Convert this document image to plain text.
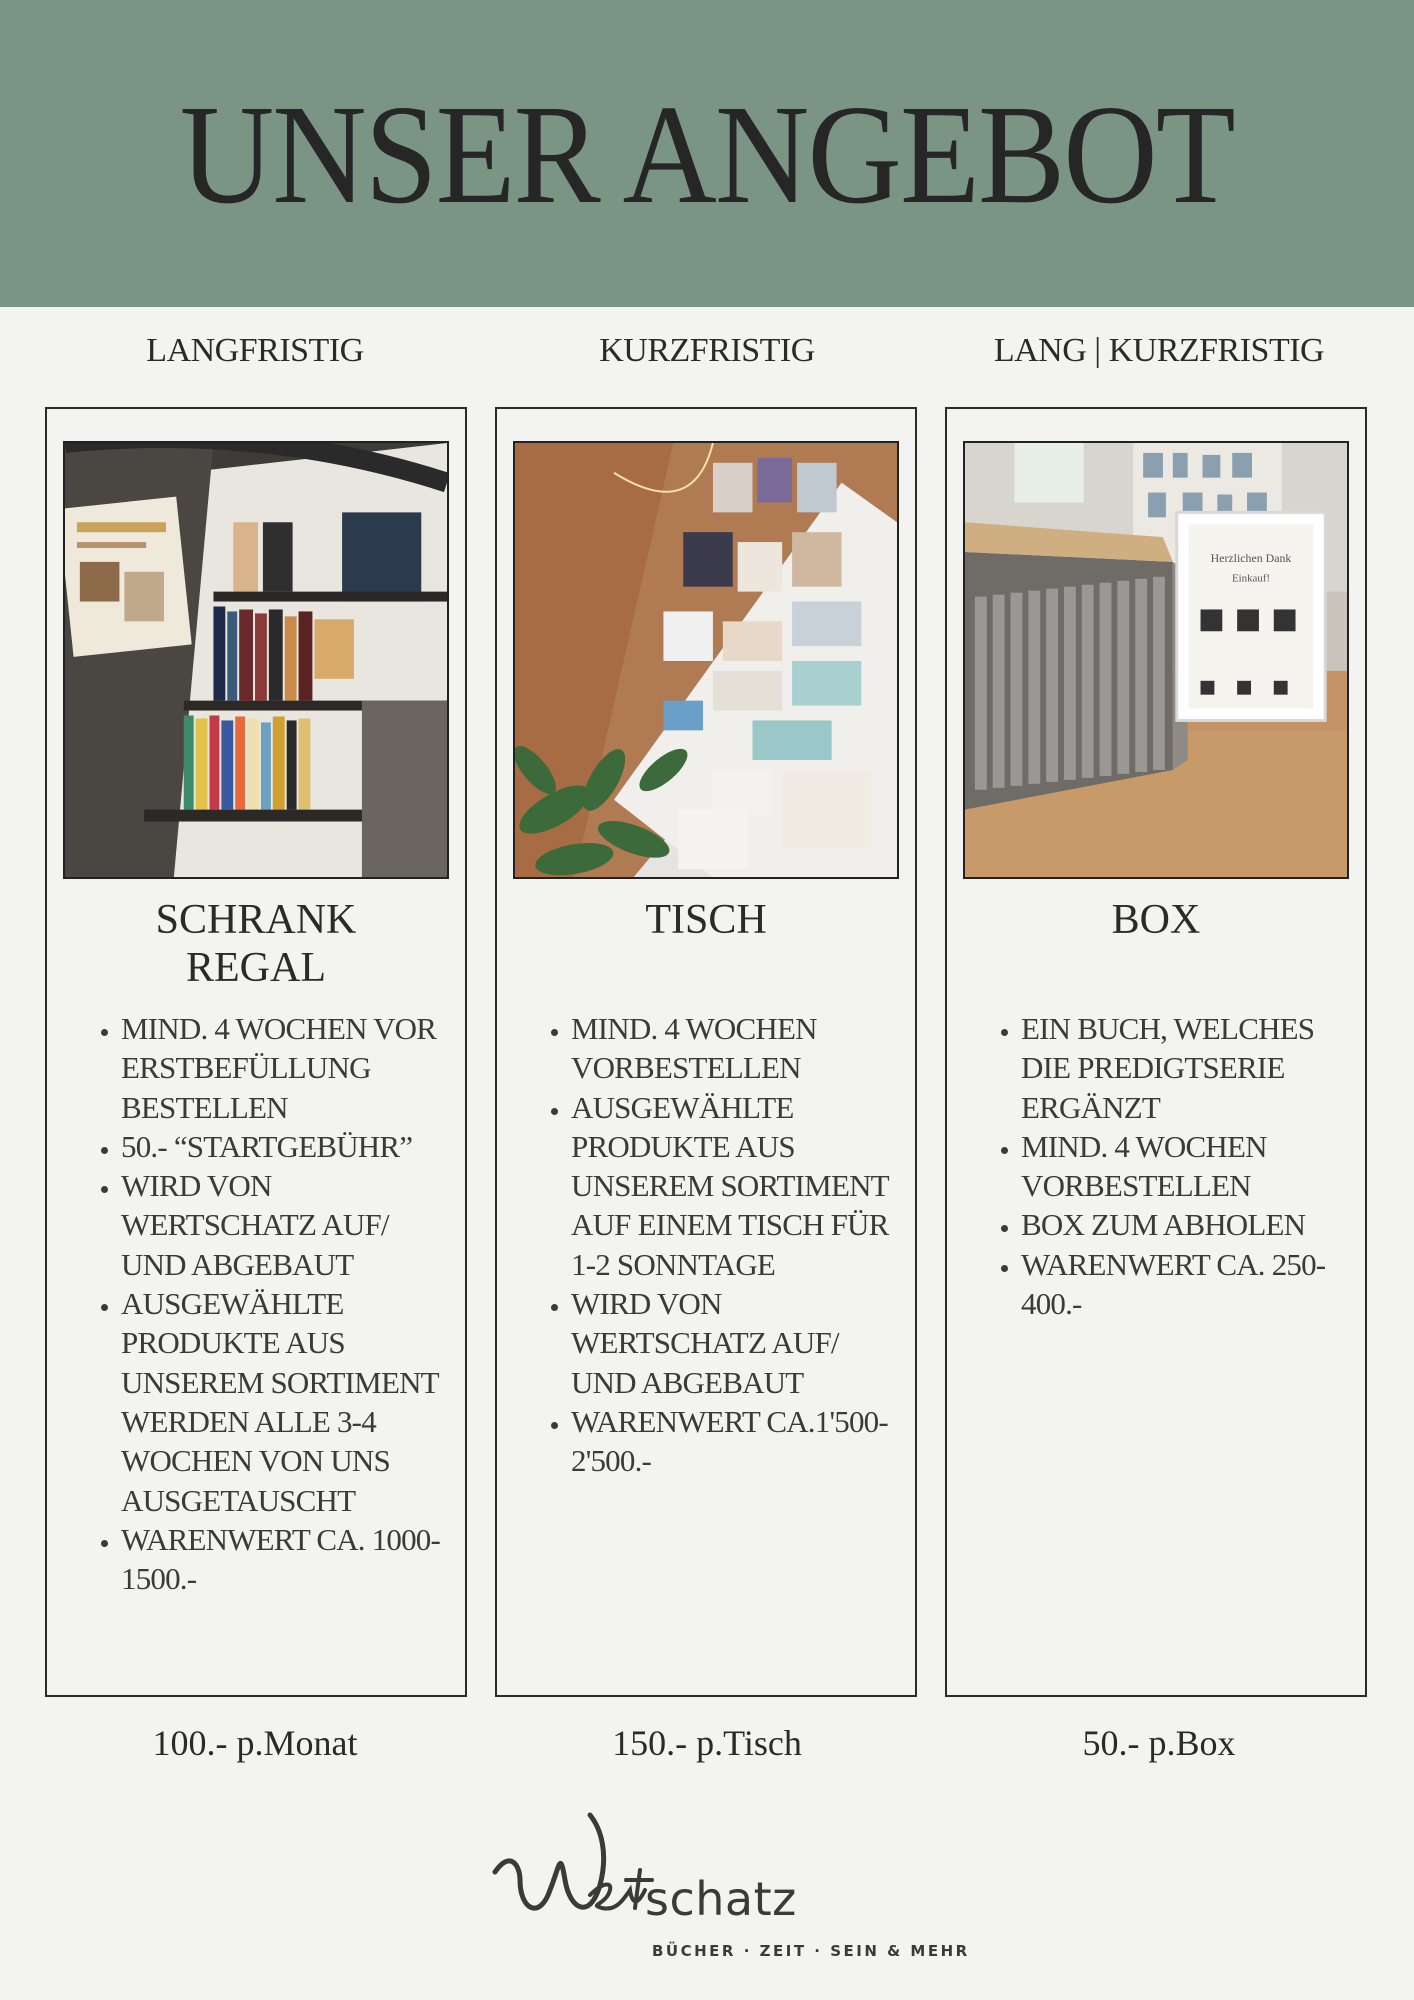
UNSER ANGEBOT
LANGFRISTIG	KURZFRISTIG	LANG | KURZFRISTIG
SCHRANK
REGAL
• MIND. 4 WOCHEN VOR ERSTBEFÜLLUNG BESTELLEN
• 50.- “STARTGEBÜHR”
• WIRD VON WERTSCHATZ AUF/ UND ABGEBAUT
• AUSGEWÄHLTE PRODUKTE AUS UNSEREM SORTIMENT WERDEN ALLE 3-4 WOCHEN VON UNS AUSGETAUSCHT
• WARENWERT CA. 1000-1500.-
TISCH
• MIND. 4 WOCHEN VORBESTELLEN
• AUSGEWÄHLTE PRODUKTE AUS UNSEREM SORTIMENT AUF EINEM TISCH FÜR 1-2 SONNTAGE
• WIRD VON WERTSCHATZ AUF/ UND ABGEBAUT
• WARENWERT CA.1'500-2'500.-
Herzlichen Dank
Einkauf!
BOX
• EIN BUCH, WELCHES DIE PREDIGTSERIE ERGÄNZT
• MIND. 4 WOCHEN VORBESTELLEN
• BOX ZUM ABHOLEN
• WARENWERT CA. 250-400.-
100.- p.Monat	150.- p.Tisch	50.- p.Box
schatz
BÜCHER · ZEIT · SEIN & MEHR
